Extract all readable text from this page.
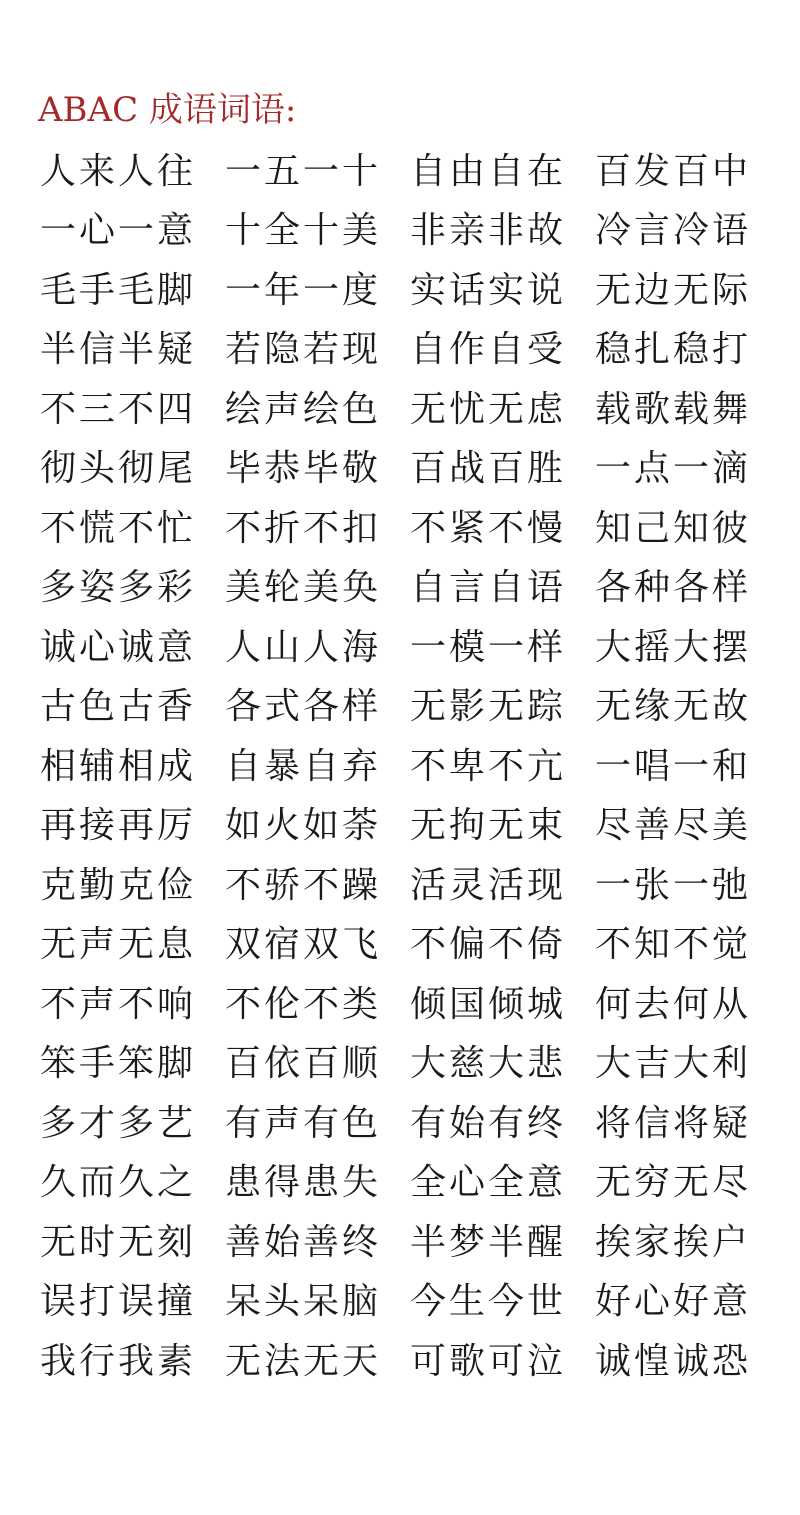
ABAC 成语词语:
人来人往 一五一十 自由自在 百发百中
一心一意 十全十美 非亲非故 冷言冷语
毛手毛脚 一年一度 实话实说 无边无际
半信半疑 若隐若现 自作自受 稳扎稳打
不三不四 绘声绘色 无忧无虑 载歌载舞
彻头彻尾 毕恭毕敬 百战百胜 一点一滴
不慌不忙 不折不扣 不紧不慢 知己知彼
多姿多彩 美轮美奂 自言自语 各种各样
诚心诚意 人山人海 一模一样 大摇大摆
古色古香 各式各样 无影无踪 无缘无故
相辅相成 自暴自弃 不卑不亢 一唱一和
再接再厉 如火如荼 无拘无束 尽善尽美
克勤克俭 不骄不躁 活灵活现 一张一弛
无声无息 双宿双飞 不偏不倚 不知不觉
不声不响 不伦不类 倾国倾城 何去何从
笨手笨脚 百依百顺 大慈大悲 大吉大利
多才多艺 有声有色 有始有终 将信将疑
久而久之 患得患失 全心全意 无穷无尽
无时无刻 善始善终 半梦半醒 挨家挨户
误打误撞 呆头呆脑 今生今世 好心好意
我行我素 无法无天 可歌可泣 诚惶诚恐
